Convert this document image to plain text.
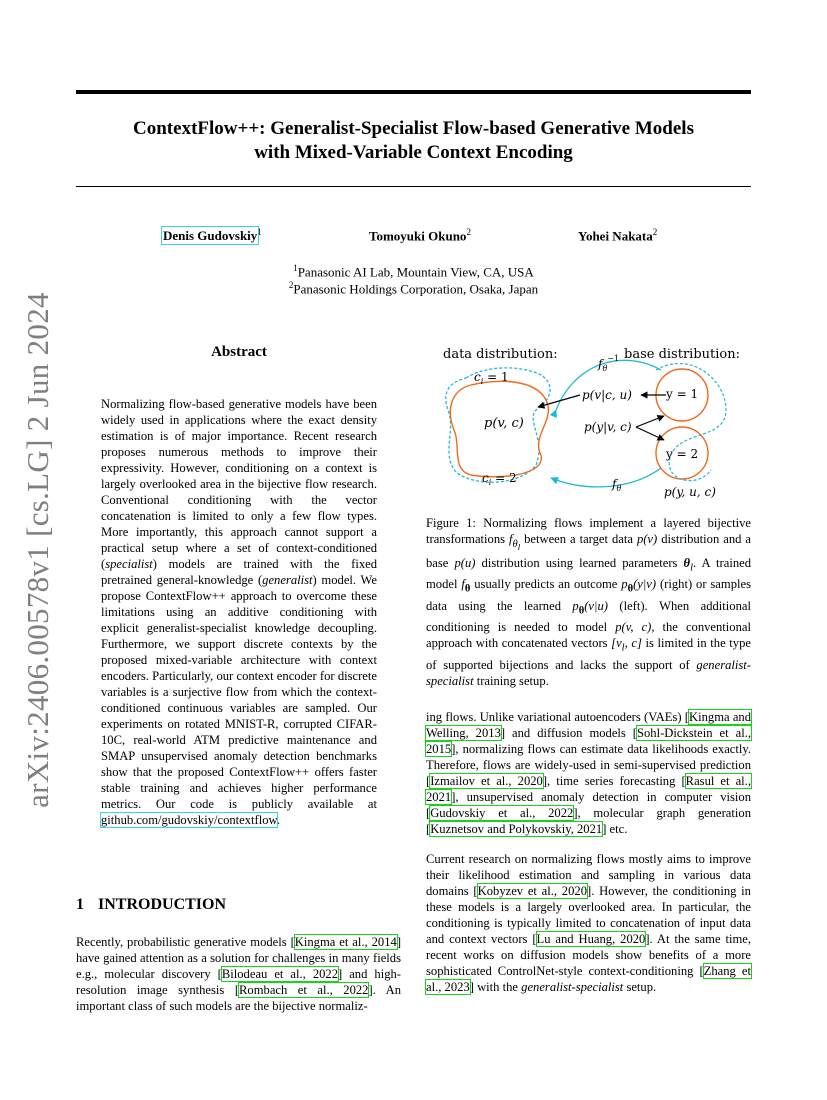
ContextFlow++: Generalist-Specialist Flow-based Generative Models
with Mixed-Variable Context Encoding
Denis Gudovskiy$^1$	Tomoyuki Okuno$^2$	Yohei Nakata$^2$
$^1$Panasonic AI Lab, Mountain View, CA, USA
$^2$Panasonic Holdings Corporation, Osaka, Japan
arXiv:2406.00578v1 [cs.LG] 2 Jun 2024	Abstract

Normalizing flow-based generative models have been widely used in applications where the exact density estimation is of major importance. Recent research proposes numerous methods to improve their expressivity. However, conditioning on a context is largely overlooked area in the bijective flow research. Conventional conditioning with the vector concatenation is limited to only a few flow types. More importantly, this approach cannot support a practical setup where a set of context-conditioned (specialist) models are trained with the fixed pretrained general-knowledge (generalist) model. We propose ContextFlow++ approach to overcome these limitations using an additive conditioning with explicit generalist-specialist knowledge decoupling. Furthermore, we support discrete contexts by the proposed mixed-variable architecture with context encoders. Particularly, our context encoder for discrete variables is a surjective flow from which the context-conditioned continuous variables are sampled. Our experiments on rotated MNIST-R, corrupted CIFAR-10C, real-world ATM predictive maintenance and SMAP unsupervised anomaly detection benchmarks show that the proposed ContextFlow++ offers faster stable training and achieves higher performance metrics. Our code is publicly available at github.com/gudovskiy/contextflow.

data distribution:	base distribution:
$c_i = 1$
$c_i = 2$
p(v, c)
$f_\theta^{-1}$
$f_\theta$
y = 1
y = 2
p(v|c, u)
p(y|v, c)
p(y, u, c)

Figure 1: Normalizing flows implement a layered bijective transformations $f_{\theta_l}$ between a target data p(v) distribution and a base p(u) distribution using learned parameters $\theta_l$. A trained model $f_\theta$ usually predicts an outcome $p_\theta(y|v)$ (right) or samples data using the learned $p_\theta(v|u)$ (left). When additional conditioning is needed to model p(v, c), the conventional approach with concatenated vectors [$v_l$, c] is limited in the type of supported bijections and lacks the support of generalist-specialist training setup.

ing flows. Unlike variational autoencoders (VAEs) [Kingma and Welling, 2013] and diffusion models [Sohl-Dickstein et al., 2015], normalizing flows can estimate data likelihoods exactly. Therefore, flows are widely-used in semi-supervised prediction [Izmailov et al., 2020], time series forecasting [Rasul et al., 2021], unsupervised anomaly detection in computer vision [Gudovskiy et al., 2022], molecular graph generation [Kuznetsov and Polykovskiy, 2021] etc.

Current research on normalizing flows mostly aims to improve their likelihood estimation and sampling in various data domains [Kobyzev et al., 2020]. However, the conditioning in these models is a largely overlooked area. In particular, the conditioning is typically limited to concatenation of input data and context vectors [Lu and Huang, 2020]. At the same time, recent works on diffusion models show benefits of a more sophisticated ControlNet-style context-conditioning [Zhang et al., 2023] with the generalist-specialist setup.

1 INTRODUCTION

Recently, probabilistic generative models [Kingma et al., 2014] have gained attention as a solution for challenges in many fields e.g., molecular discovery [Bilodeau et al., 2022] and high-resolution image synthesis [Rombach et al., 2022]. An important class of such models are the bijective normaliz-
